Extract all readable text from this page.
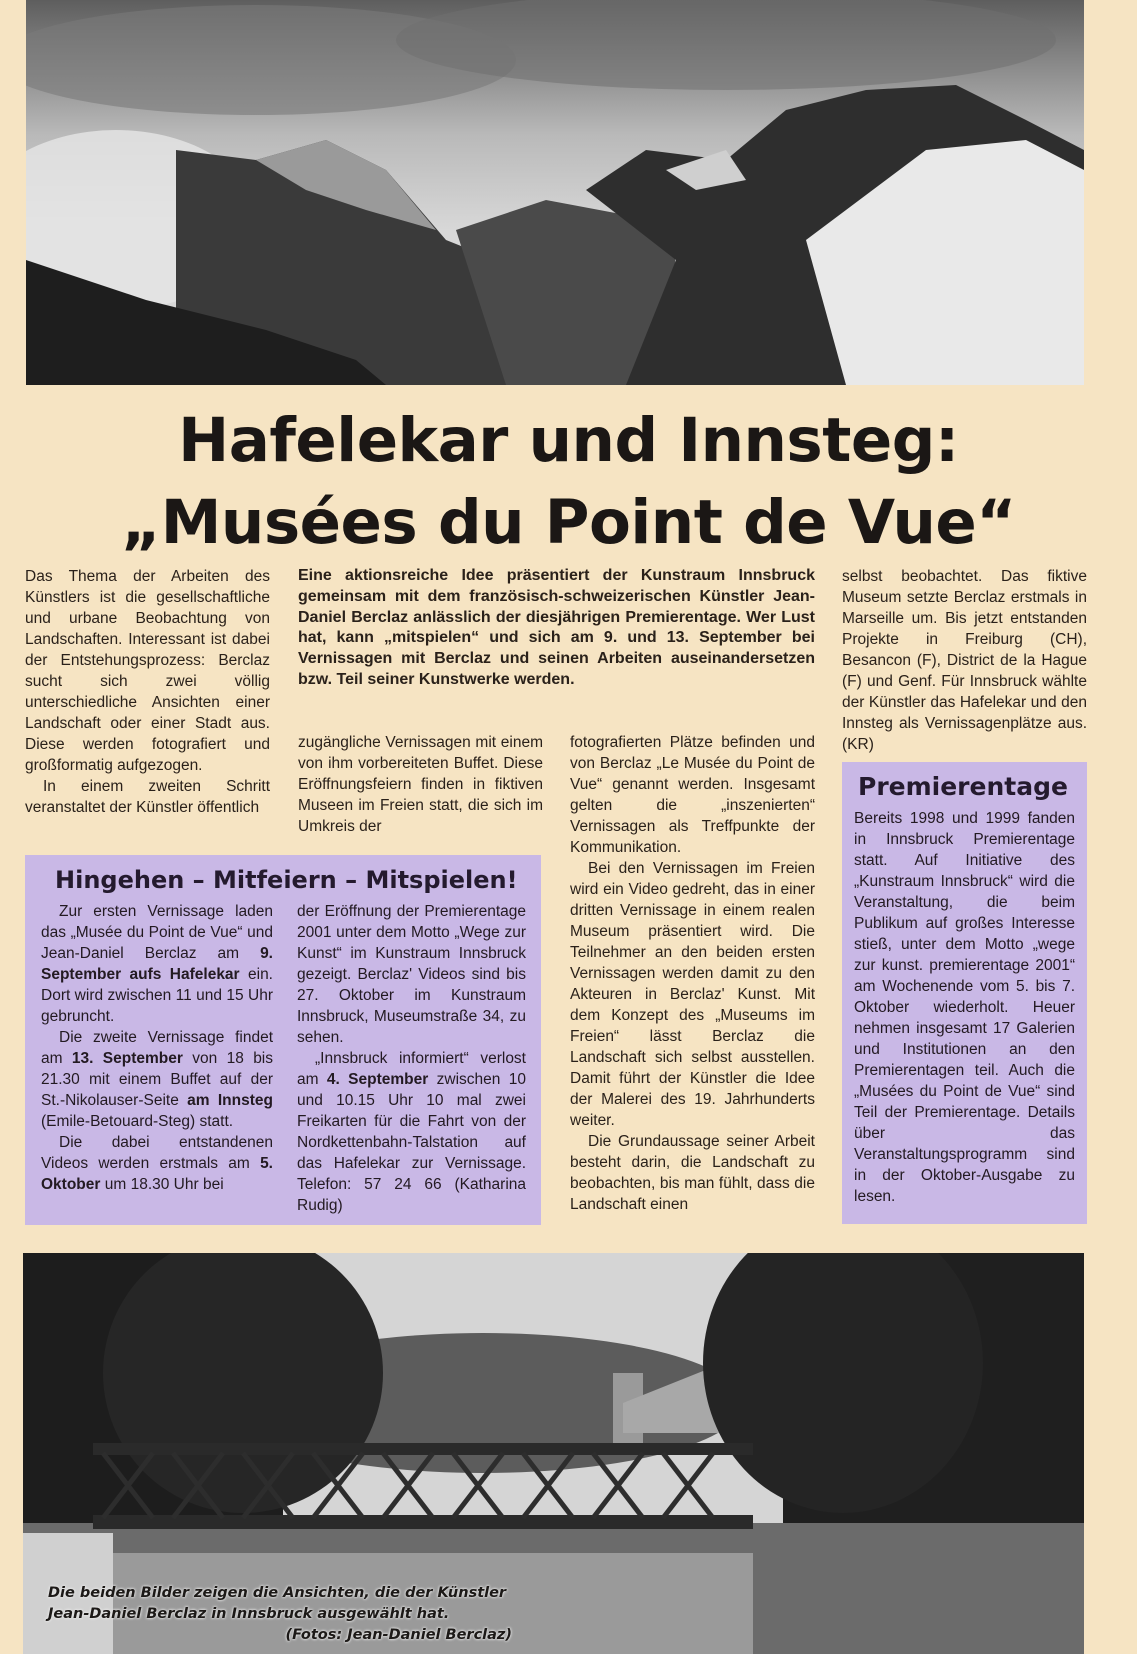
Hafelekar und Innsteg:
„Musées du Point de Vue“

Das Thema der Arbeiten des Künstlers ist die gesellschaftliche und urbane Beobachtung von Landschaften. Interessant ist dabei der Entstehungsprozess: Berclaz sucht sich zwei völlig unterschiedliche Ansichten einer Landschaft oder einer Stadt aus. Diese werden fotografiert und großformatig aufgezogen.

In einem zweiten Schritt veranstaltet der Künstler öffentlich

Eine aktionsreiche Idee präsentiert der Kunstraum Innsbruck gemeinsam mit dem französisch-schweizerischen Künstler Jean-Daniel Berclaz anlässlich der diesjährigen Premierentage. Wer Lust hat, kann „mitspielen“ und sich am 9. und 13. September bei Vernissagen mit Berclaz und seinen Arbeiten auseinandersetzen bzw. Teil seiner Kunstwerke werden.

zugängliche Vernissagen mit einem von ihm vorbereiteten Buffet. Diese Eröffnungsfeiern finden in fiktiven Museen im Freien statt, die sich im Umkreis der

fotografierten Plätze befinden und von Berclaz „Le Musée du Point de Vue“ genannt werden. Insgesamt gelten die „inszenierten“ Vernissagen als Treffpunkte der Kommunikation.

Bei den Vernissagen im Freien wird ein Video gedreht, das in einer dritten Vernissage in einem realen Museum präsentiert wird. Die Teilnehmer an den beiden ersten Vernissagen werden damit zu den Akteuren in Berclaz' Kunst. Mit dem Konzept des „Museums im Freien“ lässt Berclaz die Landschaft sich selbst ausstellen. Damit führt der Künstler die Idee der Malerei des 19. Jahrhunderts weiter.

Die Grundaussage seiner Arbeit besteht darin, die Landschaft zu beobachten, bis man fühlt, dass die Landschaft einen

selbst beobachtet. Das fiktive Museum setzte Berclaz erstmals in Marseille um. Bis jetzt entstanden Projekte in Freiburg (CH), Besancon (F), District de la Hague (F) und Genf. Für Innsbruck wählte der Künstler das Hafelekar und den Innsteg als Vernissagenplätze aus. (KR)

Hingehen – Mitfeiern – Mitspielen!

Zur ersten Vernissage laden das „Musée du Point de Vue“ und Jean-Daniel Berclaz am 9. September aufs Hafelekar ein. Dort wird zwischen 11 und 15 Uhr gebruncht.

Die zweite Vernissage findet am 13. September von 18 bis 21.30 mit einem Buffet auf der St.-Nikolauser-Seite am Innsteg (Emile-Betouard-Steg) statt.

Die dabei entstandenen Videos werden erstmals am 5. Oktober um 18.30 Uhr bei

der Eröffnung der Premierentage 2001 unter dem Motto „Wege zur Kunst“ im Kunstraum Innsbruck gezeigt. Berclaz' Videos sind bis 27. Oktober im Kunstraum Innsbruck, Museumstraße 34, zu sehen.

„Innsbruck informiert“ verlost am 4. September zwischen 10 und 10.15 Uhr 10 mal zwei Freikarten für die Fahrt von der Nordkettenbahn-Talstation auf das Hafelekar zur Vernissage. Telefon: 57 24 66 (Katharina Rudig)

Premierentage

Bereits 1998 und 1999 fanden in Innsbruck Premierentage statt. Auf Initiative des „Kunstraum Innsbruck“ wird die Veranstaltung, die beim Publikum auf großes Interesse stieß, unter dem Motto „wege zur kunst. premierentage 2001“ am Wochenende vom 5. bis 7. Oktober wiederholt. Heuer nehmen insgesamt 17 Galerien und Institutionen an den Premierentagen teil. Auch die „Musées du Point de Vue“ sind Teil der Premierentage. Details über das Veranstaltungsprogramm sind in der Oktober-Ausgabe zu lesen.

Die beiden Bilder zeigen die Ansichten, die der Künstler Jean-Daniel Berclaz in Innsbruck ausgewählt hat.
(Fotos: Jean-Daniel Berclaz)
